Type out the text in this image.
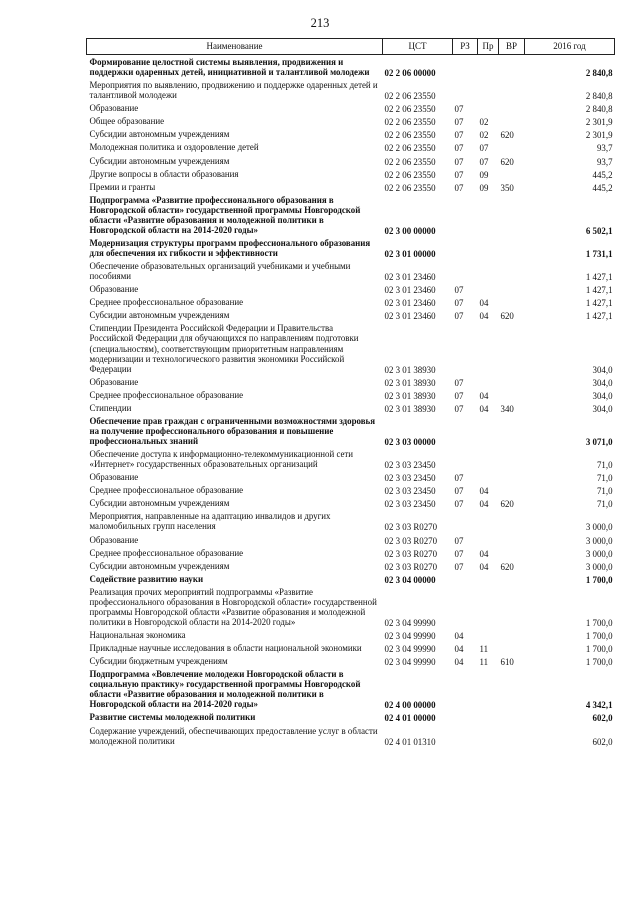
213
Наименование	ЦСТ	РЗ	Пр	ВР	2016 год
Формирование целостной системы выявления, продвижения и поддержки одаренных детей, инициативной и талантливой молодежи	02 2 06 00000				2 840,8
Мероприятия по выявлению, продвижению и поддержке одаренных детей и талантливой молодежи	02 2 06 23550				2 840,8
Образование	02 2 06 23550	07			2 840,8
Общее образование	02 2 06 23550	07	02		2 301,9
Субсидии автономным учреждениям	02 2 06 23550	07	02	620	2 301,9
Молодежная политика и оздоровление детей	02 2 06 23550	07	07		93,7
Субсидии автономным учреждениям	02 2 06 23550	07	07	620	93,7
Другие вопросы в области образования	02 2 06 23550	07	09		445,2
Премии и гранты	02 2 06 23550	07	09	350	445,2
Подпрограмма «Развитие профессионального образования в Новгородской области» государственной программы Новгородской области «Развитие образования и молодежной политики в Новгородской области на 2014-2020 годы»	02 3 00 00000				6 502,1
Модернизация структуры программ профессионального образования для обеспечения их гибкости и эффективности	02 3 01 00000				1 731,1
Обеспечение образовательных организаций учебниками и учебными пособиями	02 3 01 23460				1 427,1
Образование	02 3 01 23460	07			1 427,1
Среднее профессиональное образование	02 3 01 23460	07	04		1 427,1
Субсидии автономным учреждениям	02 3 01 23460	07	04	620	1 427,1
Стипендии Президента Российской Федерации и Правительства Российской Федерации для обучающихся по направлениям подготовки (специальностям), соответствующим приоритетным направлениям модернизации и технологического развития экономики Российской Федерации	02 3 01 38930				304,0
Образование	02 3 01 38930	07			304,0
Среднее профессиональное образование	02 3 01 38930	07	04		304,0
Стипендии	02 3 01 38930	07	04	340	304,0
Обеспечение прав граждан с ограниченными возможностями здоровья на получение профессионального образования и повышение профессиональных знаний	02 3 03 00000				3 071,0
Обеспечение доступа к информационно-телекоммуникационной сети «Интернет» государственных образовательных организаций	02 3 03 23450				71,0
Образование	02 3 03 23450	07			71,0
Среднее профессиональное образование	02 3 03 23450	07	04		71,0
Субсидии автономным учреждениям	02 3 03 23450	07	04	620	71,0
Мероприятия, направленные на адаптацию инвалидов и других маломобильных групп населения	02 3 03 R0270				3 000,0
Образование	02 3 03 R0270	07			3 000,0
Среднее профессиональное образование	02 3 03 R0270	07	04		3 000,0
Субсидии автономным учреждениям	02 3 03 R0270	07	04	620	3 000,0
Содействие развитию науки	02 3 04 00000				1 700,0
Реализация прочих мероприятий подпрограммы «Развитие профессионального образования в Новгородской области» государственной программы Новгородской области «Развитие образования и молодежной политики в Новгородской области на 2014-2020 годы»	02 3 04 99990				1 700,0
Национальная экономика	02 3 04 99990	04			1 700,0
Прикладные научные исследования в области национальной экономики	02 3 04 99990	04	11		1 700,0
Субсидии бюджетным учреждениям	02 3 04 99990	04	11	610	1 700,0
Подпрограмма «Вовлечение молодежи Новгородской области в социальную практику» государственной программы Новгородской области «Развитие образования и молодежной политики в Новгородской области на 2014-2020 годы»	02 4 00 00000				4 342,1
Развитие системы молодежной политики	02 4 01 00000				602,0
Содержание учреждений, обеспечивающих предоставление услуг в области молодежной политики	02 4 01 01310				602,0
